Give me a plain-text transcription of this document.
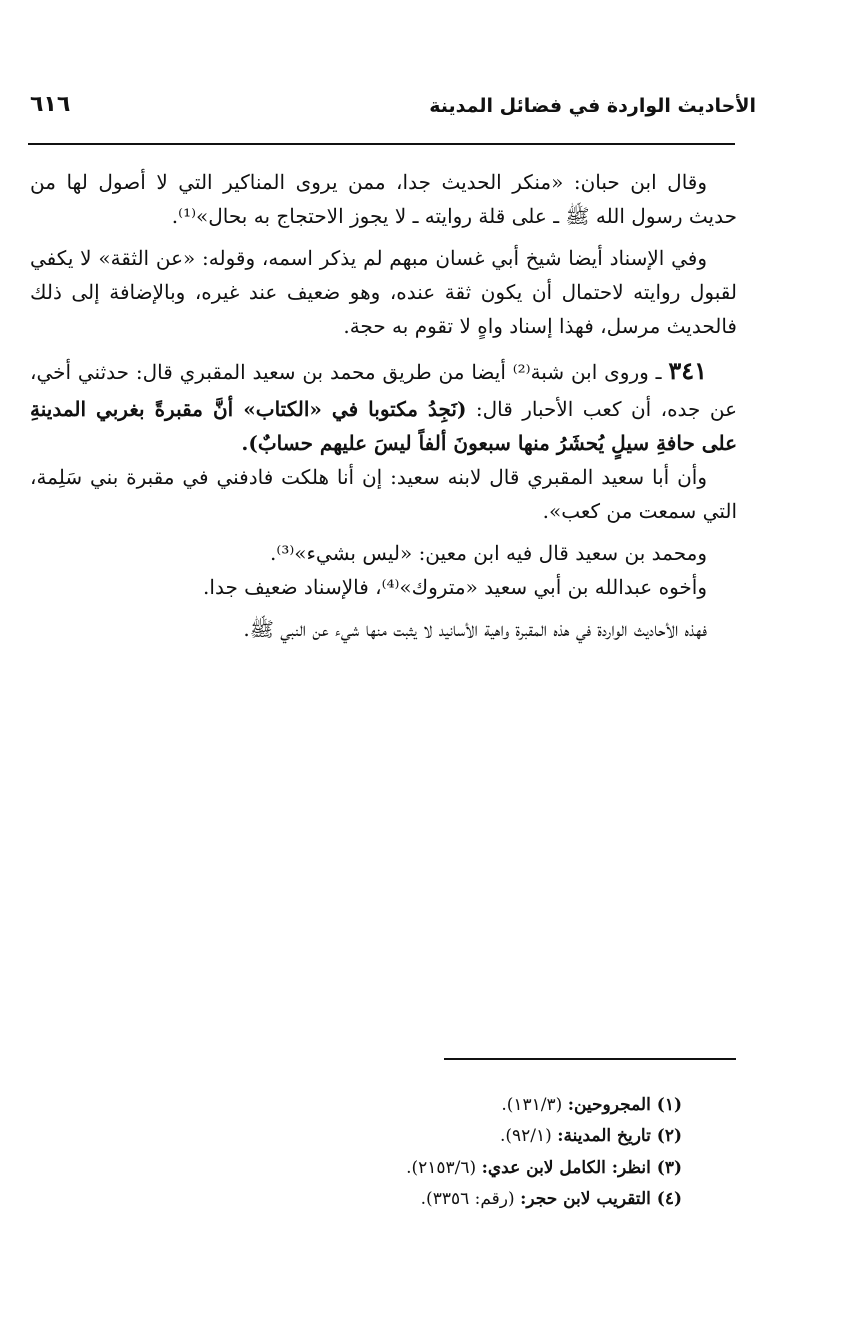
٦١٦	الأحاديث الواردة في فضائل المدينة

وقال ابن حبان: «منكر الحديث جدا، ممن يروى المناكير التي لا أصول لها من حديث رسول الله ﷺ ـ على قلة روايته ـ لا يجوز الاحتجاج به بحال»⁽¹⁾.

وفي الإسناد أيضا شيخ أبي غسان مبهم لم يذكر اسمه، وقوله: «عن الثقة» لا يكفي لقبول روايته لاحتمال أن يكون ثقة عنده، وهو ضعيف عند غيره، وبالإضافة إلى ذلك فالحديث مرسل، فهذا إسناد واهٍ لا تقوم به حجة.

٣٤١ ـ وروى ابن شبة⁽²⁾ أيضا من طريق محمد بن سعيد المقبري قال: حدثني أخي، عن جده، أن كعب الأحبار قال: (نَجِدُ مكتوبا في «الكتاب» أنَّ مقبرةً بغربي المدينةِ على حافةِ سيلٍ يُحشَرُ منها سبعونَ ألفاً ليسَ عليهم حسابٌ).

وأن أبا سعيد المقبري قال لابنه سعيد: إن أنا هلكت فادفني في مقبرة بني سَلِمة، التي سمعت من كعب».

ومحمد بن سعيد قال فيه ابن معين: «ليس بشيء»⁽³⁾.

وأخوه عبدالله بن أبي سعيد «متروك»⁽⁴⁾، فالإسناد ضعيف جدا.

فهذه الأحاديث الواردة في هذه المقبرة واهية الأسانيد لا يثبت منها شيء عن النبي ﷺ.

(١) المجروحين: (١٣١/٣).
(٢) تاريخ المدينة: (٩٢/١).
(٣) انظر: الكامل لابن عدي: (٢١٥٣/٦).
(٤) التقريب لابن حجر: (رقم: ٣٣٥٦).
